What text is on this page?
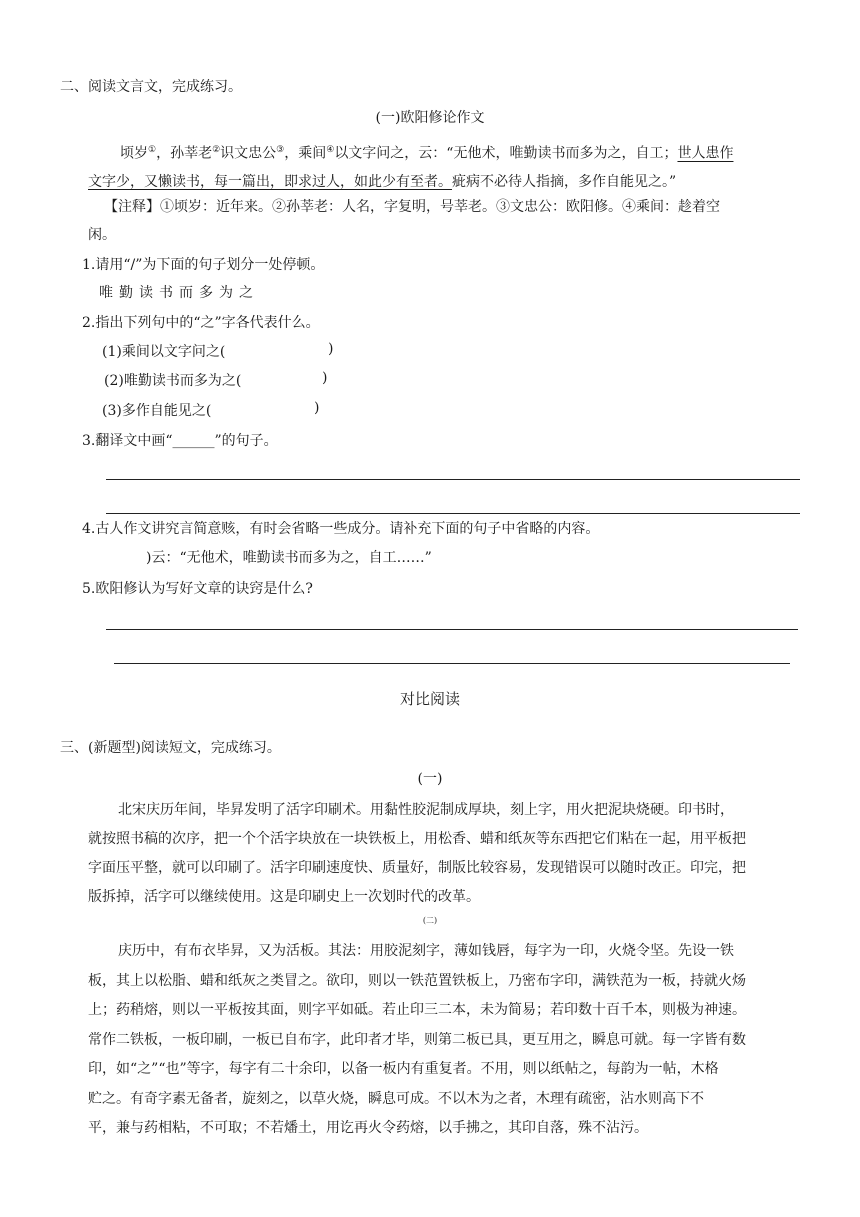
二、阅读文言文，完成练习。
(一)欧阳修论作文

顷岁①，孙莘老②识文忠公③，乘间④以文字问之，云：“无他术，唯勤读书而多为之，自工；世人患作

文字少，又懒读书，每一篇出，即求过人，如此少有至者。疵病不必待人指摘，多作自能见之。”

【注释】①顷岁：近年来。②孙莘老：人名，字复明，号莘老。③文忠公：欧阳修。④乘间：趁着空
闲。
1.请用“/”为下面的句子划分一处停顿。
唯 勤 读 书 而 多 为 之
2.指出下列句中的“之”字各代表什么。
(1)乘间以文字问之(	)
(2)唯勤读书而多为之(	)
(3)多作自能见之(	)
3.翻译文中画“______”的句子。
4.古人作文讲究言简意赅，有时会省略一些成分。请补充下面的句子中省略的内容。
)云：“无他术，唯勤读书而多为之，自工……”
5.欧阳修认为写好文章的诀窍是什么?
对比阅读
三、(新题型)阅读短文，完成练习。
(一)

北宋庆历年间，毕昇发明了活字印刷术。用黏性胶泥制成厚块，刻上字，用火把泥块烧硬。印书时，

就按照书稿的次序，把一个个活字块放在一块铁板上，用松香、蜡和纸灰等东西把它们粘在一起，用平板把

字面压平整，就可以印刷了。活字印刷速度快、质量好，制版比较容易，发现错误可以随时改正。印完，把

版拆掉，活字可以继续使用。这是印刷史上一次划时代的改革。

(二)

庆历中，有布衣毕昇，又为活板。其法：用胶泥刻字，薄如钱唇，每字为一印，火烧令坚。先设一铁

板，其上以松脂、蜡和纸灰之类冒之。欲印，则以一铁范置铁板上，乃密布字印，满铁范为一板，持就火炀

上；药稍熔，则以一平板按其面，则字平如砥。若止印三二本，未为简易；若印数十百千本，则极为神速。

常作二铁板，一板印刷，一板已自布字，此印者才毕，则第二板已具，更互用之，瞬息可就。每一字皆有数

印，如“之”“也”等字，每字有二十余印，以备一板内有重复者。不用，则以纸帖之，每韵为一帖，木格

贮之。有奇字素无备者，旋刻之，以草火烧，瞬息可成。不以木为之者，木理有疏密，沾水则高下不

平，兼与药相粘，不可取；不若燔土，用讫再火令药熔，以手拂之，其印自落，殊不沾污。
